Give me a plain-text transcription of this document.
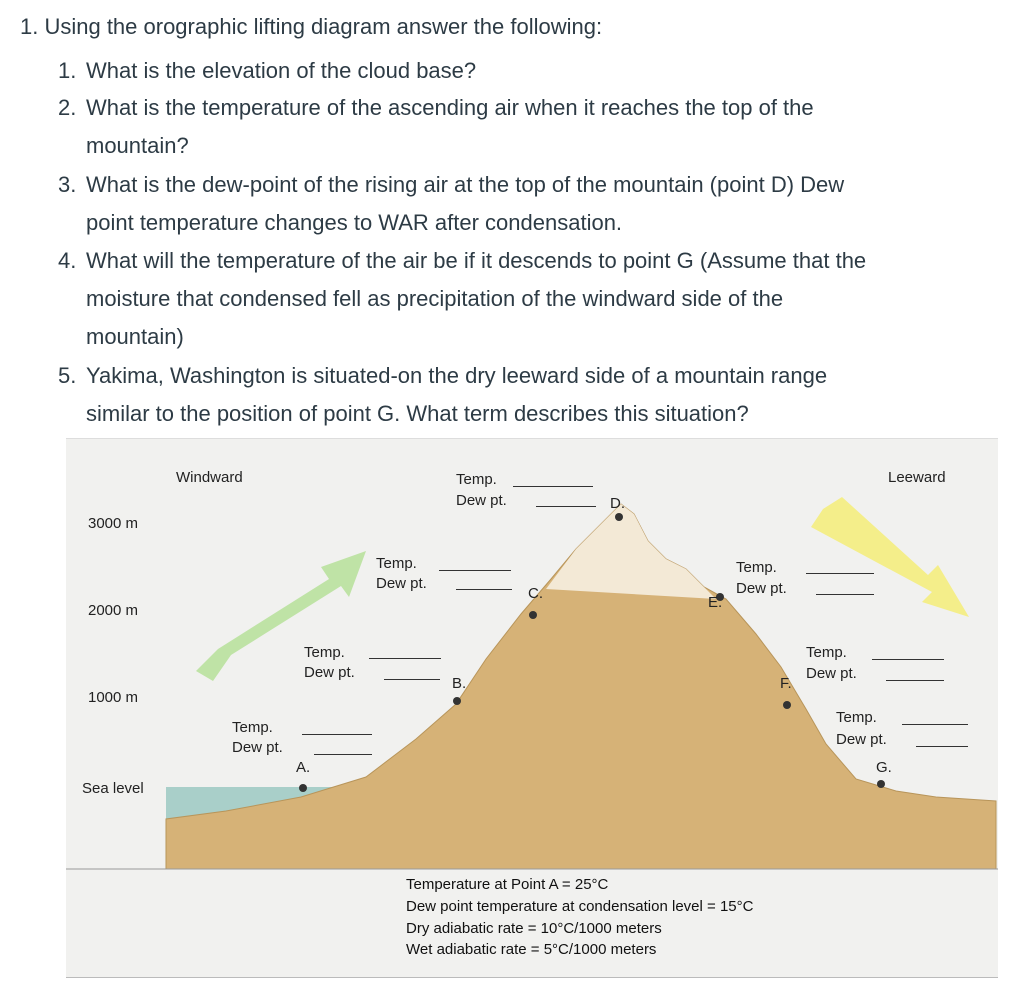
1. Using the orographic lifting diagram answer the following:

1. What is the elevation of the cloud base?
2. What is the temperature of the ascending air when it reaches the top of the
mountain?
3. What is the dew-point of the rising air at the top of the mountain (point D) Dew
point temperature changes to WAR after condensation.
4. What will the temperature of the air be if it descends to point G (Assume that the
moisture that condensed fell as precipitation of the windward side of the
mountain)
5. Yakima, Washington is situated-on the dry leeward side of a mountain range
similar to the position of point G. What term describes this situation?
3000 m
2000 m
1000 m
Sea level
Windward	Leeward
Temp.
Dew pt.	D.
Temp.
Dew pt.
C.
Temp.
Dew pt.
E.
Temp.
Dew pt.
B.
Temp.
Dew pt.
F.
Temp.
Dew pt.
A.
Temp.
Dew pt.
G.
Temperature at Point A = 25°C
Dew point temperature at condensation level = 15°C
Dry adiabatic rate = 10°C/1000 meters
Wet adiabatic rate = 5°C/1000 meters
